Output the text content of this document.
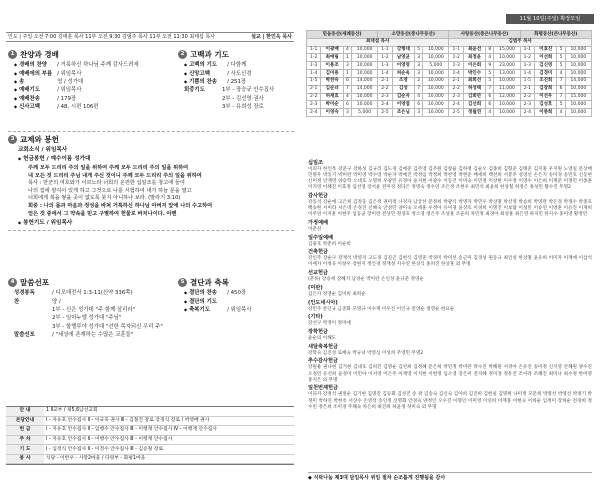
인도 | 주일 오전 7:00 김태훈 목사 11부 오전 9:30 김범주 목사 11부 오전 11:30 최태섭 목사	설교 | 한인옥 목사
1 찬양과 경배
◆ 경배의 찬양	/ 거룩하신 하나님 주께 감사드려세
◆ 예배에의 부름 / 위임목사
◆ 송	영 / 성가대
◆ 예배기도	/ 위임목사
◆ 예배찬송	/ 179장
◆ 신사고백	/ 48, 시편 106편
2 고백과 기도
◆ 고백의 기도	/ 다함께
◆ 신앙고백	/ 사도신경
◆ 기쁨의 찬송	/ 251장
회중기도	1부 - 장승규 안수집사
2부 - 김선영 권사
3부 - 유희성 장로
3 교제와 봉헌
교회소식 / 위임목사
◆ 헌금봉헌 / 예수이름 성가대
주께 모두 드리리 주의 일을 위하여 주께 모두 드리리 주의 일을 위하여
내 모든 것 드리리 주님 내게 주신 것이니 주께 모두 드리리 주의 일을 위하여
목사 : 만군의 여호와가 이르노라 너희의 온전한 십일조를 창고에 들여
나의 집에 양식이 있게 하고 그것으로 나를 시험하여 내가 하늘 문을 열고
너희에게 복을 쌓을 곳이 없도록 붓지 아니하나 보라. (말라기 3:10)
회중 : 나의 몸과 마음과 정성을 바쳐 거룩하신 하나님 아버지 앞에 나의 수고하여
얻은 것 중에서 그 약속을 믿고 구별하여 헌물로 바치나이다. 아멘
◆ 봉헌기도 / 위임목사
4 말씀선포
성경봉독	/ 디모데전서 1:3-11(신약 336쪽)
찬	양 /
1부 - 신은 성가대 "주 함께 살리라"
2부 - 임마누엘 성가대 "주님"
3부 - 할렐루야 성가대 "선한 목자되신 우리 주"
말씀선포	/ "세상에 존재하는 수많은 교훈들"
5 결단과 축복
◆ 결단의 찬송	/ 450장
◆ 결단의 기도
◆ 축복기도	/ 위임목사
안 내	1 Ⅱ교부 / 제5,6남선교회
본당안내	Ⅰ - 자유호 안수집사 Ⅱ - 이규욱 권사 Ⅲ - 김철진 장로 강경식 장로 / 박영배 권사
헌 금	Ⅰ - 자유호 안수집사 Ⅱ - 임행수 안수집사 Ⅲ - 이행재 안수집사 Ⅳ - 이행재 안수집사
주 차	Ⅰ - 자유호 안수집사 Ⅱ - 이행수 안수집사 Ⅲ - 이행재 안수집사
기 도	Ⅰ - 심정식 안수집사 Ⅱ - 이정수 안수집사 Ⅲ - 김승철 장로
봉 사	식당 - 이반우 - 사랑2마을 / 다윗부 - 화평1마을
11월 10일(주일) 확장모임
믿음동산(세례동산)				소망동산(중나무동산)				사랑동산(중은나무동산)				화평동산(큰나무동산)			
최대섭 목사								김범주 목사							
1-1	이광배	4	10,000	1-1	강형대	5	10,000	1-1	최윤선	8	15,000	1-1	이효진	5	10,000
1-2	최애림	1	10,000	1-2	남영균	3	10,000	1-2	최정윤	4	10,000	1-2	이선희	5	10,000
1-3	이용조	3	10,000	1-3	이영영	3	5,000	1-3	이은희	9	23,000	1-3	김신영	5	10,000
1-4	김미용	1	10,000	1-4	허순옥	3	10,000	1-4	박인수	5	13,000	1-4	김경미	4	10,000
1-5	박찬숙	6	14,000	2-1	조영	2	10,000	2-1	최희선	5	10,000	1-5	조진희	7	14,000
2-1	김순녀	7	14,000	2-2	김성	7	10,000	2-2	허성택	7	11,000	2-1	김장희	6	10,000
2-2	허재효	4	10,000	2-3	김순자	4	10,000	2-3	김희만	6	12,000	2-2	이선우	7	15,000
2-3	박미순	6	10,000	2-4	이영엽	6	10,000	2-4	김선희	6	10,000	2-3	김성호	5	10,000
2-4	이영숙	3	5,000	2-5	조은님	3	10,000	2-5	정월연	4	10,000	2-4	이종희	4	10,000
십일조
이피자 한인옥 강준구 강하성 김규리 김도경 김예준 김주영 김주원 김창율 김하정 김순오 김종희 김형준 김태준 김지홍 우지원 노영일 문상배 민병우 박동기 박미란 박미영 박수영 박순자 박예진 박정임 박정희 박찬영 박현준 배세희 백선희 서봉주 성영선 손은지 송미경 송민호 신동현 신미정 안재영 양승학 오대호 오명희 우광민 유경아 윤지현 이광수 이동건 이미숙 이민정 이상현 이수정 이영수 이은희 이재준 이정민 이종훈 이지영 이혜진 이효정 임선영 장서윤 전미경 정다은 정명숙 정수연 조은정 조현우 최민석 최윤희 한상철 허정은 홍성민 황수진 무명2
감사헌금
강동석 강순애 고은희 김정웅 김은정 권미정 나경자 남궁선 문정희 박광식 박명자 박민우 박상철 박선영 박승희 박영란 박은경 박정수 박종호 백승현 서미라 서은영 손경진 신혜숙 안성민 양미숙 오세훈 우정아 유미경 윤상호 이경희 이명진 이보람 이성민 이승연 이영훈 이유진 이재희 이주연 이지훈 이현주 임동균 장미란 전상민 정경호 정소영 정은주 조성훈 조윤희 차민정 최경아 최성훈 최은영 하지민 한지수 홍미영 황정민
가정예배
이춘선
일주일예배
김용호 박춘희 이순희
건축헌금
강인주 장순구 강재석 박영지 고도경 김길곤 김현식 김영준 박경미 박미선 송근미 김경성 원동규 최인성 한상철 윤유희 이미자 이계애 이삼석 이예자 이정욱 이창우 장현지 정인경 정재성 지수연 한상식 홍희진 한상훈 외 무명
선교헌금
(분류) 강승세 강혜지 남경순 박미란 손인성 윤규준 정영순
(미판)
김은자 정영순 김미희 최희순
(인도네시아)
강민주 문인규 금준화 모명규 이수재 이우진 이인규 전영순 정영순 한요순
(기타)
강선구 박경이 정미애
장학헌금
윤순의 이해도
새달축복헌금
강학숙 김진성 로배숙 박규녀 박영심 이성희 주영민 무명2
추수감사헌금
강원용 권나현 김거현 김대호 김희진 김명순 김연희 김정혜 문은희 박민정 박미란 박수진 박혜원 서경아 손유진 송미정 신지영 안혜원 양수진 오정민 유선희 윤경미 이민아 이서영 이은주 이재영 이지현 이현정 임소영 장은미 전지혜 정미경 정유진 조아라 조혜진 최미나 최수정 한미영 홍지은 외 무명
일천번제헌금
이피자 강정석 권정순 김기현 김명진 김동회 김성진 송 곽 김송숙 김신숙 김아희 김진희 김현실 김명희 나미정 모문희 박명선 박영선 박정기 박정미 박하연 박현옥 서상수 손영석 송인정 신명화 안경숙 양정인 오수진 이명인 이미영 이연희 이재홍 이현숙 이희순 임정미 장희순 전경희 정수빈 정은희 조미경 주해숙 차은희 최진희 하윤정 허미숙 외 무명
◆ 식탁나눔 제3대 담임목사 위임 절차 순조롭게 진행됨을 감사
